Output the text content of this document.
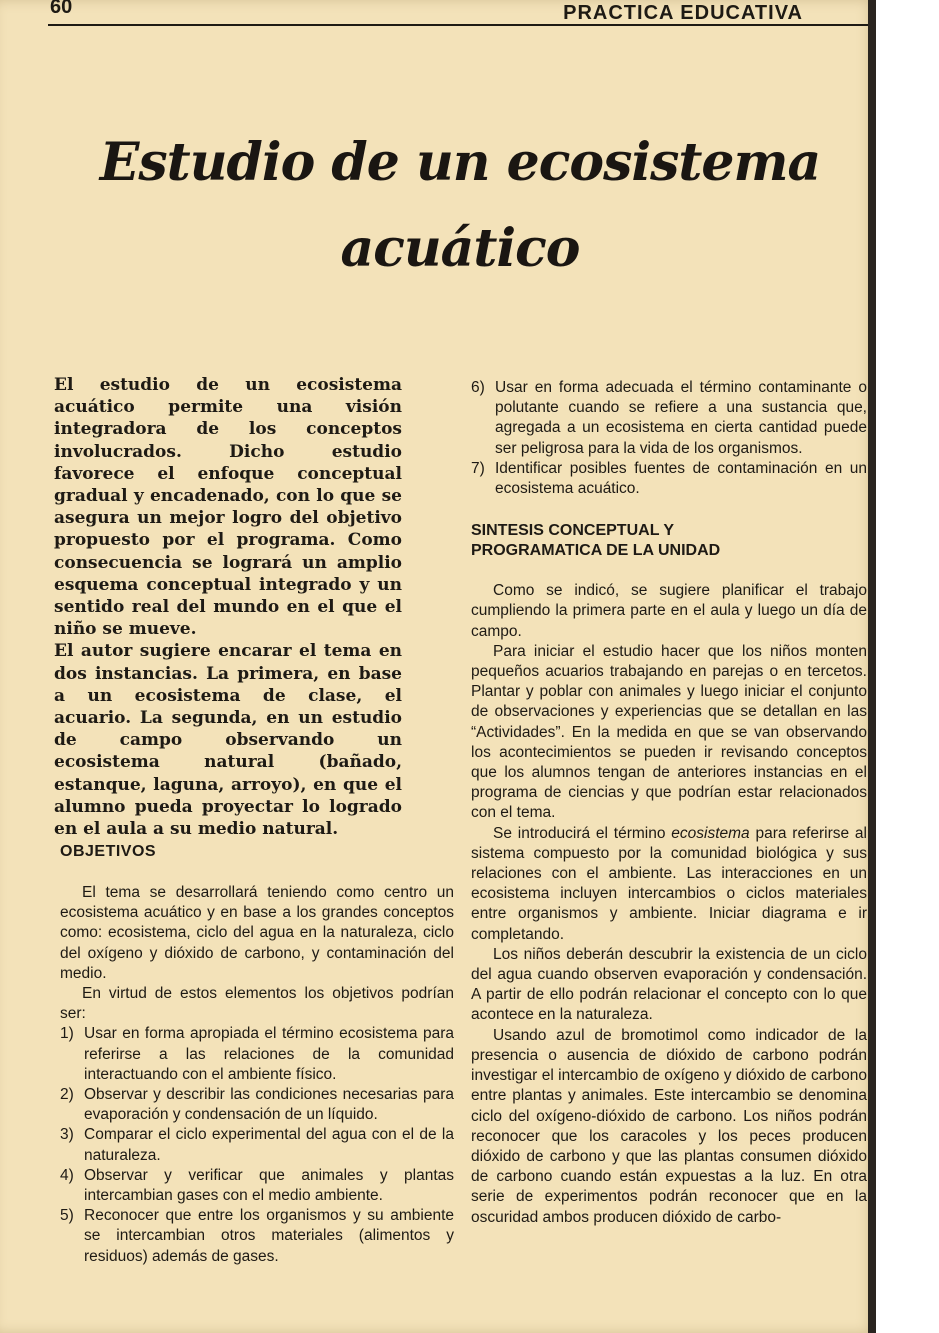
60	PRACTICA EDUCATIVA
Estudio de un ecosistema
acuático

El estudio de un ecosistema acuático permite una visión integradora de los conceptos involucrados. Dicho estudio favorece el enfoque conceptual gradual y encadenado, con lo que se asegura un mejor logro del objetivo propuesto por el programa. Como consecuencia se logrará un amplio esquema conceptual integrado y un sentido real del mundo en el que el niño se mueve.

El autor sugiere encarar el tema en dos instancias. La primera, en base a un ecosistema de clase, el acuario. La segunda, en un estudio de campo observando un ecosistema natural (bañado, estanque, laguna, arroyo), en que el alumno pueda proyectar lo logrado en el aula a su medio natural.

OBJETIVOS

El tema se desarrollará teniendo como centro un ecosistema acuático y en base a los grandes conceptos como: ecosistema, ciclo del agua en la naturaleza, ciclo del oxígeno y dióxido de carbono, y contaminación del medio.

En virtud de estos elementos los objetivos podrían ser:

1) Usar en forma apropiada el término ecosistema para referirse a las relaciones de la comunidad interactuando con el ambiente físico.
2) Observar y describir las condiciones necesarias para evaporación y condensación de un líquido.
3) Comparar el ciclo experimental del agua con el de la naturaleza.
4) Observar y verificar que animales y plantas intercambian gases con el medio ambiente.
5) Reconocer que entre los organismos y su ambiente se intercambian otros materiales (alimentos y residuos) además de gases.
6) Usar en forma adecuada el término contaminante o polutante cuando se refiere a una sustancia que, agregada a un ecosistema en cierta cantidad puede ser peligrosa para la vida de los organismos.
7) Identificar posibles fuentes de contaminación en un ecosistema acuático.
SINTESIS CONCEPTUAL Y
PROGRAMATICA DE LA UNIDAD

Como se indicó, se sugiere planificar el trabajo cumpliendo la primera parte en el aula y luego un día de campo.

Para iniciar el estudio hacer que los niños monten pequeños acuarios trabajando en parejas o en tercetos. Plantar y poblar con animales y luego iniciar el conjunto de observaciones y experiencias que se detallan en las “Actividades”. En la medida en que se van observando los acontecimientos se pueden ir revisando conceptos que los alumnos tengan de anteriores instancias en el programa de ciencias y que podrían estar relacionados con el tema.

Se introducirá el término ecosistema para referirse al sistema compuesto por la comunidad biológica y sus relaciones con el ambiente. Las interacciones en un ecosistema incluyen intercambios o ciclos materiales entre organismos y ambiente. Iniciar diagrama e ir completando.

Los niños deberán descubrir la existencia de un ciclo del agua cuando observen evaporación y condensación. A partir de ello podrán relacionar el concepto con lo que acontece en la naturaleza.

Usando azul de bromotimol como indicador de la presencia o ausencia de dióxido de carbono podrán investigar el intercambio de oxígeno y dióxido de carbono entre plantas y animales. Este intercambio se denomina ciclo del oxígeno-dióxido de carbono. Los niños podrán reconocer que los caracoles y los peces producen dióxido de carbono y que las plantas consumen dióxido de carbono cuando están expuestas a la luz. En otra serie de experimentos podrán reconocer que en la oscuridad ambos producen dióxido de carbo-
